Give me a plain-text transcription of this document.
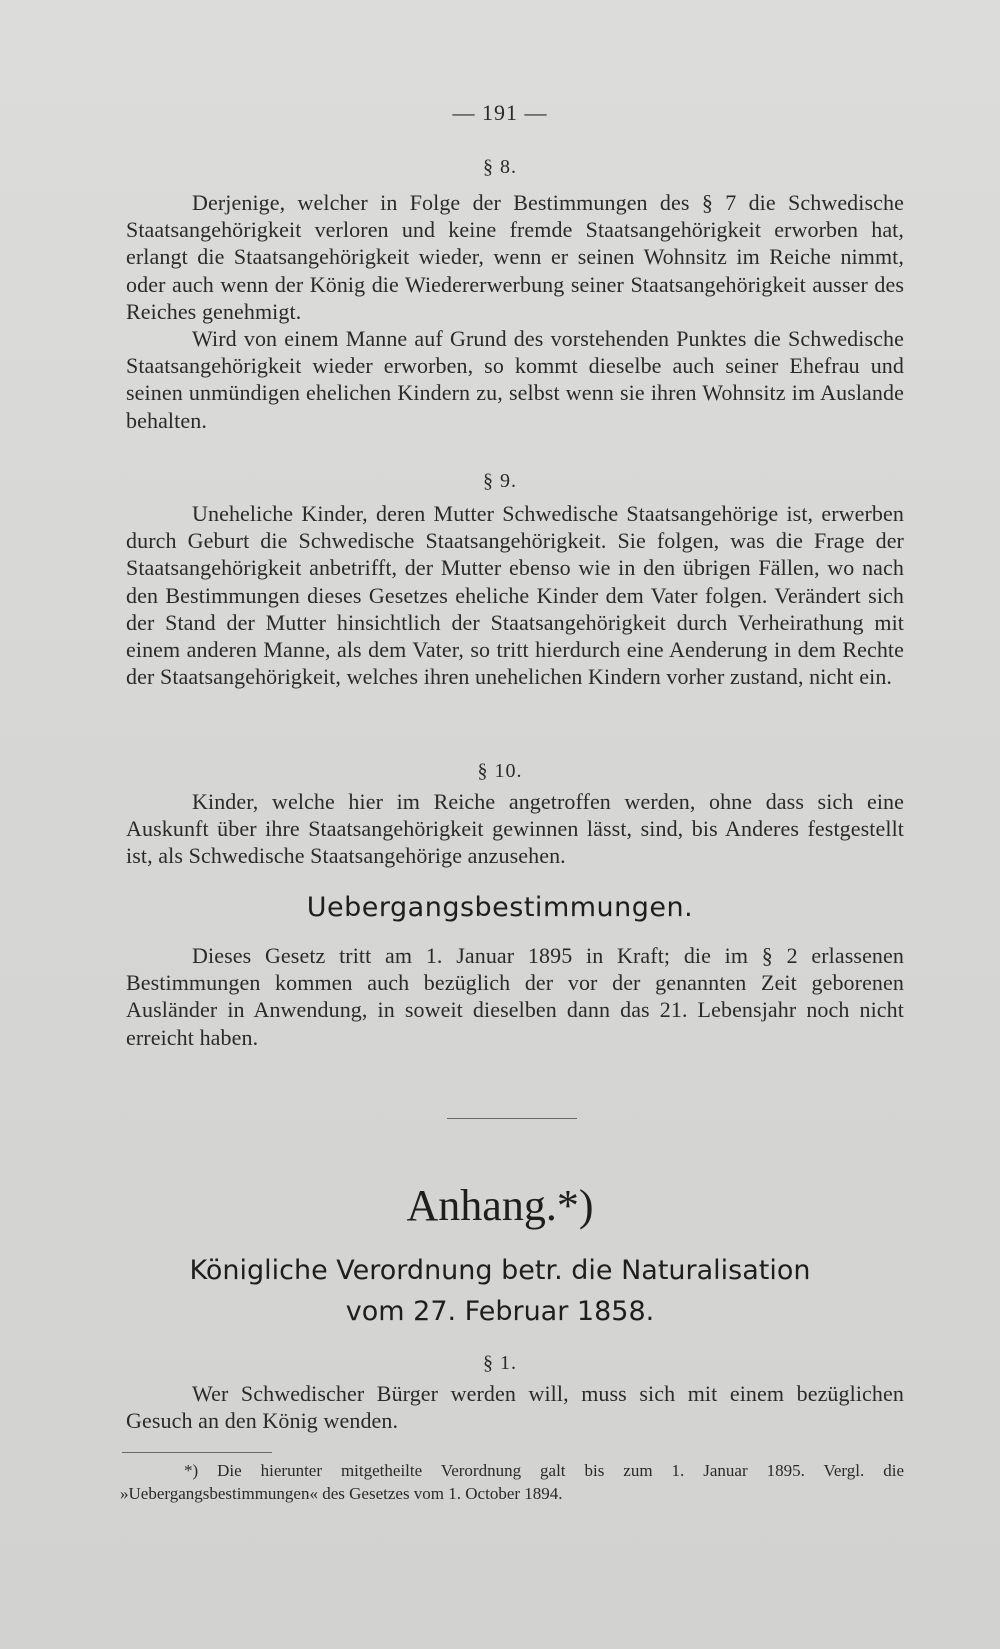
— 191 —
§ 8.

Derjenige, welcher in Folge der Bestimmungen des § 7 die Schwedische Staatsangehörigkeit verloren und keine fremde Staatsangehörigkeit erworben hat, erlangt die Staatsangehörigkeit wieder, wenn er seinen Wohnsitz im Reiche nimmt, oder auch wenn der König die Wiedererwerbung seiner Staatsangehörigkeit ausser des Reiches genehmigt.

Wird von einem Manne auf Grund des vorstehenden Punktes die Schwedische Staatsangehörigkeit wieder erworben, so kommt dieselbe auch seiner Ehefrau und seinen unmündigen ehelichen Kindern zu, selbst wenn sie ihren Wohnsitz im Auslande behalten.

§ 9.

Uneheliche Kinder, deren Mutter Schwedische Staatsangehörige ist, erwerben durch Geburt die Schwedische Staatsangehörigkeit. Sie folgen, was die Frage der Staatsangehörigkeit anbetrifft, der Mutter ebenso wie in den übrigen Fällen, wo nach den Bestimmungen dieses Gesetzes eheliche Kinder dem Vater folgen. Verändert sich der Stand der Mutter hinsichtlich der Staatsangehörigkeit durch Verheirathung mit einem anderen Manne, als dem Vater, so tritt hierdurch eine Aenderung in dem Rechte der Staatsangehörigkeit, welches ihren unehelichen Kindern vorher zustand, nicht ein.

§ 10.

Kinder, welche hier im Reiche angetroffen werden, ohne dass sich eine Auskunft über ihre Staatsangehörigkeit gewinnen lässt, sind, bis Anderes festgestellt ist, als Schwedische Staatsangehörige anzusehen.

Uebergangsbestimmungen.

Dieses Gesetz tritt am 1. Januar 1895 in Kraft; die im § 2 erlassenen Bestimmungen kommen auch bezüglich der vor der genannten Zeit geborenen Ausländer in Anwendung, in soweit dieselben dann das 21. Lebensjahr noch nicht erreicht haben.

Anhang.*)
Königliche Verordnung betr. die Naturalisation
vom 27. Februar 1858.
§ 1.

Wer Schwedischer Bürger werden will, muss sich mit einem bezüglichen Gesuch an den König wenden.

*) Die hierunter mitgetheilte Verordnung galt bis zum 1. Januar 1895. Vergl. die »Uebergangsbestimmungen« des Gesetzes vom 1. October 1894.
